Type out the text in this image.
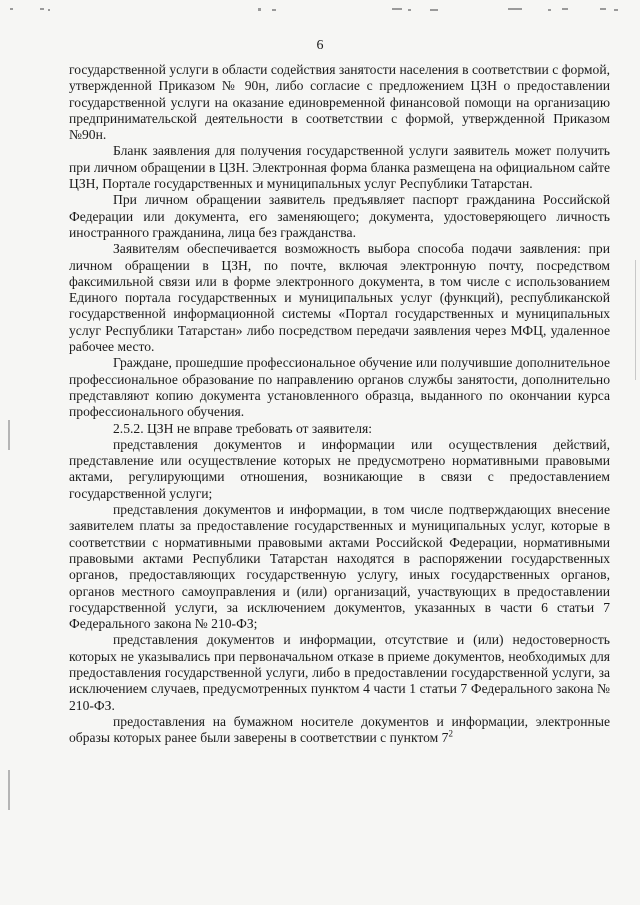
6

государственной услуги в области содействия занятости населения в соответствии с формой, утвержденной Приказом № 90н, либо согласие с предложением ЦЗН о предоставлении государственной услуги на оказание единовременной финансовой помощи на организацию предпринимательской деятельности в соответствии с формой, утвержденной Приказом №90н.

Бланк заявления для получения государственной услуги заявитель может получить при личном обращении в ЦЗН. Электронная форма бланка размещена на официальном сайте ЦЗН, Портале государственных и муниципальных услуг Республики Татарстан.

При личном обращении заявитель предъявляет паспорт гражданина Российской Федерации или документа, его заменяющего; документа, удостоверяющего личность иностранного гражданина, лица без гражданства.

Заявителям обеспечивается возможность выбора способа подачи заявления: при личном обращении в ЦЗН, по почте, включая электронную почту, посредством факсимильной связи или в форме электронного документа, в том числе с использованием Единого портала государственных и муниципальных услуг (функций), республиканской государственной информационной системы «Портал государственных и муниципальных услуг Республики Татарстан» либо посредством передачи заявления через МФЦ, удаленное рабочее место.

Граждане, прошедшие профессиональное обучение или получившие дополнительное профессиональное образование по направлению органов службы занятости, дополнительно представляют копию документа установленного образца, выданного по окончании курса профессионального обучения.

2.5.2. ЦЗН не вправе требовать от заявителя:

представления документов и информации или осуществления действий, представление или осуществление которых не предусмотрено нормативными правовыми актами, регулирующими отношения, возникающие в связи с предоставлением государственной услуги;

представления документов и информации, в том числе подтверждающих внесение заявителем платы за предоставление государственных и муниципальных услуг, которые в соответствии с нормативными правовыми актами Российской Федерации, нормативными правовыми актами Республики Татарстан находятся в распоряжении государственных органов, предоставляющих государственную услугу, иных государственных органов, органов местного самоуправления и (или) организаций, участвующих в предоставлении государственной услуги, за исключением документов, указанных в части 6 статьи 7 Федерального закона № 210-ФЗ;

представления документов и информации, отсутствие и (или) недостоверность которых не указывались при первоначальном отказе в приеме документов, необходимых для предоставления государственной услуги, либо в предоставлении государственной услуги, за исключением случаев, предусмотренных пунктом 4 части 1 статьи 7 Федерального закона № 210-ФЗ.

предоставления на бумажном носителе документов и информации, электронные образы которых ранее были заверены в соответствии с пунктом $7^2$
